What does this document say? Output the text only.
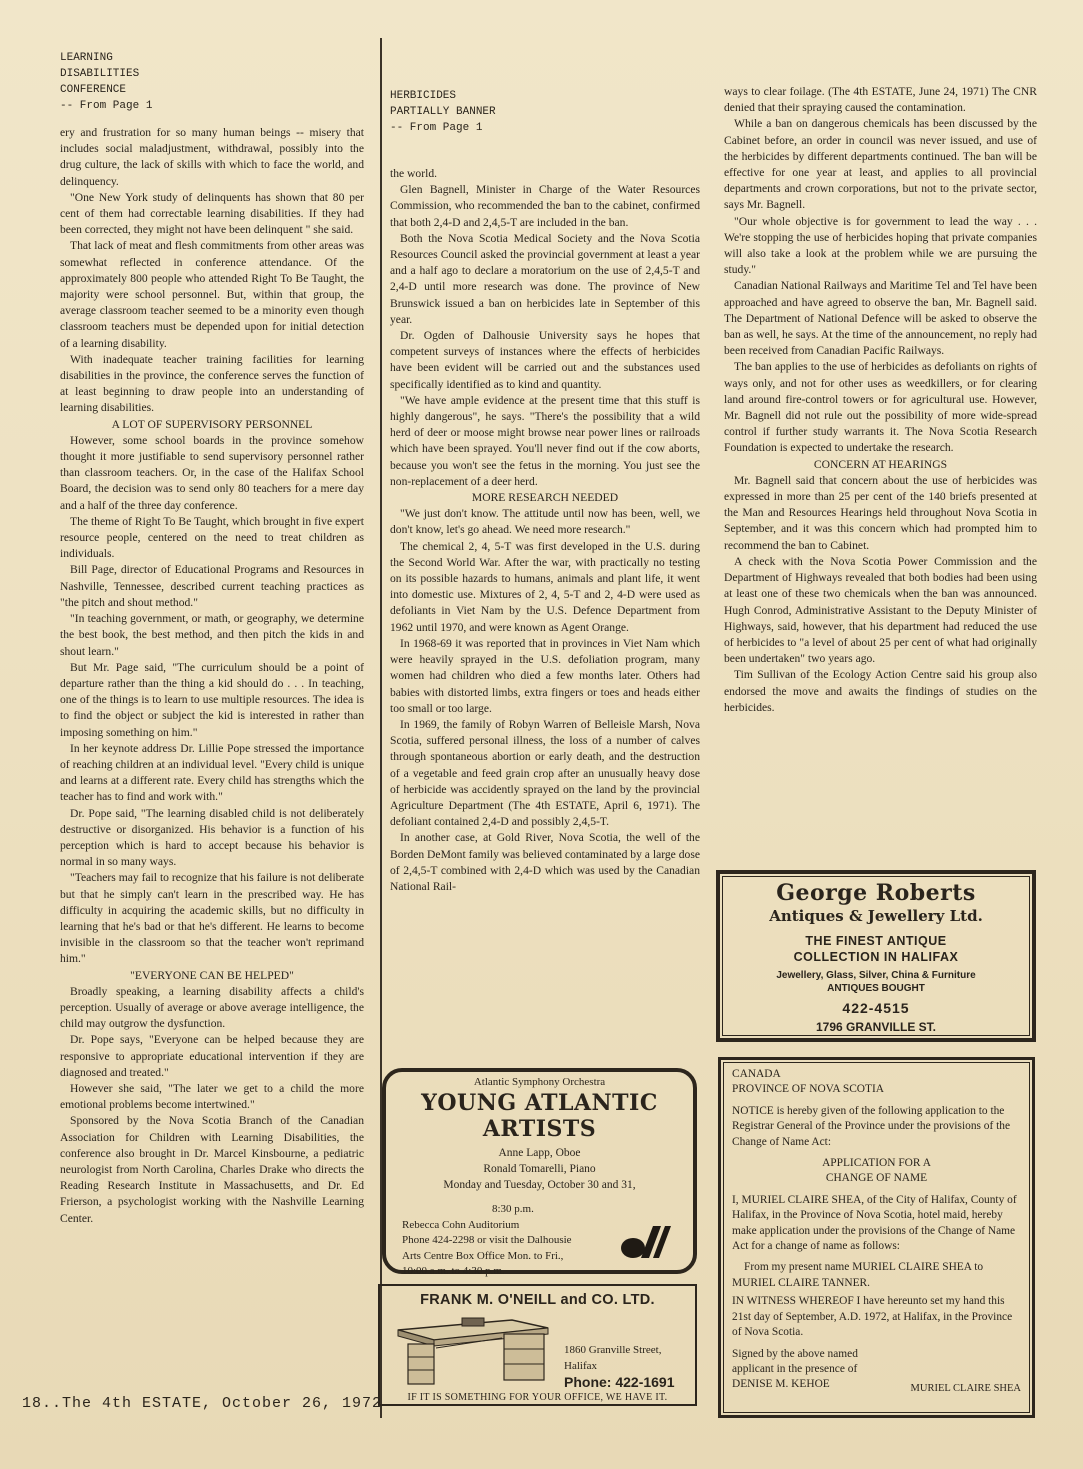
LEARNING
DISABILITIES
CONFERENCE
-- From Page 1

ery and frustration for so many human beings -- misery that includes social maladjustment, withdrawal, possibly into the drug culture, the lack of skills with which to face the world, and delinquency.

"One New York study of delinquents has shown that 80 per cent of them had correctable learning disabilities. If they had been corrected, they might not have been delinquent " she said.

That lack of meat and flesh commitments from other areas was somewhat reflected in conference attendance. Of the approximately 800 people who attended Right To Be Taught, the majority were school personnel. But, within that group, the average classroom teacher seemed to be a minority even though classroom teachers must be depended upon for initial detection of a learning disability.

With inadequate teacher training facilities for learning disabilities in the province, the conference serves the function of at least beginning to draw people into an understanding of learning disabilities.

A LOT OF SUPERVISORY PERSONNEL

However, some school boards in the province somehow thought it more justifiable to send supervisory personnel rather than classroom teachers. Or, in the case of the Halifax School Board, the decision was to send only 80 teachers for a mere day and a half of the three day conference.

The theme of Right To Be Taught, which brought in five expert resource people, centered on the need to treat children as individuals.

Bill Page, director of Educational Programs and Resources in Nashville, Tennessee, described current teaching practices as "the pitch and shout method."

"In teaching government, or math, or geography, we determine the best book, the best method, and then pitch the kids in and shout learn."

But Mr. Page said, "The curriculum should be a point of departure rather than the thing a kid should do . . . In teaching, one of the things is to learn to use multiple resources. The idea is to find the object or subject the kid is interested in rather than imposing something on him."

In her keynote address Dr. Lillie Pope stressed the importance of reaching children at an individual level. "Every child is unique and learns at a different rate. Every child has strengths which the teacher has to find and work with."

Dr. Pope said, "The learning disabled child is not deliberately destructive or disorganized. His behavior is a function of his perception which is hard to accept because his behavior is normal in so many ways.

"Teachers may fail to recognize that his failure is not deliberate but that he simply can't learn in the prescribed way. He has difficulty in acquiring the academic skills, but no difficulty in learning that he's bad or that he's different. He learns to become invisible in the classroom so that the teacher won't reprimand him."

"EVERYONE CAN BE HELPED"

Broadly speaking, a learning disability affects a child's perception. Usually of average or above average intelligence, the child may outgrow the dysfunction.

Dr. Pope says, "Everyone can be helped because they are responsive to appropriate educational intervention if they are diagnosed and treated."

However she said, "The later we get to a child the more emotional problems become intertwined."

Sponsored by the Nova Scotia Branch of the Canadian Association for Children with Learning Disabilities, the conference also brought in Dr. Marcel Kinsbourne, a pediatric neurologist from North Carolina, Charles Drake who directs the Reading Research Institute in Massachusetts, and Dr. Ed Frierson, a psychologist working with the Nashville Learning Center.

HERBICIDES
PARTIALLY BANNER
-- From Page 1

the world.

Glen Bagnell, Minister in Charge of the Water Resources Commission, who recommended the ban to the cabinet, confirmed that both 2,4-D and 2,4,5-T are included in the ban.

Both the Nova Scotia Medical Society and the Nova Scotia Resources Council asked the provincial government at least a year and a half ago to declare a moratorium on the use of 2,4,5-T and 2,4-D until more research was done. The province of New Brunswick issued a ban on herbicides late in September of this year.

Dr. Ogden of Dalhousie University says he hopes that competent surveys of instances where the effects of herbicides have been evident will be carried out and the substances used specifically identified as to kind and quantity.

"We have ample evidence at the present time that this stuff is highly dangerous", he says. "There's the possibility that a wild herd of deer or moose might browse near power lines or railroads which have been sprayed. You'll never find out if the cow aborts, because you won't see the fetus in the morning. You just see the non-replacement of a deer herd.

MORE RESEARCH NEEDED

"We just don't know. The attitude until now has been, well, we don't know, let's go ahead. We need more research."

The chemical 2, 4, 5-T was first developed in the U.S. during the Second World War. After the war, with practically no testing on its possible hazards to humans, animals and plant life, it went into domestic use. Mixtures of 2, 4, 5-T and 2, 4-D were used as defoliants in Viet Nam by the U.S. Defence Department from 1962 until 1970, and were known as Agent Orange.

In 1968-69 it was reported that in provinces in Viet Nam which were heavily sprayed in the U.S. defoliation program, many women had children who died a few months later. Others had babies with distorted limbs, extra fingers or toes and heads either too small or too large.

In 1969, the family of Robyn Warren of Belleisle Marsh, Nova Scotia, suffered personal illness, the loss of a number of calves through spontaneous abortion or early death, and the destruction of a vegetable and feed grain crop after an unusually heavy dose of herbicide was accidently sprayed on the land by the provincial Agriculture Department (The 4th ESTATE, April 6, 1971). The defoliant contained 2,4-D and possibly 2,4,5-T.

In another case, at Gold River, Nova Scotia, the well of the Borden DeMont family was believed contaminated by a large dose of 2,4,5-T combined with 2,4-D which was used by the Canadian National Rail-

ways to clear foilage. (The 4th ESTATE, June 24, 1971) The CNR denied that their spraying caused the contamination.

While a ban on dangerous chemicals has been discussed by the Cabinet before, an order in council was never issued, and use of the herbicides by different departments continued. The ban will be effective for one year at least, and applies to all provincial departments and crown corporations, but not to the private sector, says Mr. Bagnell.

"Our whole objective is for government to lead the way . . . We're stopping the use of herbicides hoping that private companies will also take a look at the problem while we are pursuing the study."

Canadian National Railways and Maritime Tel and Tel have been approached and have agreed to observe the ban, Mr. Bagnell said. The Department of National Defence will be asked to observe the ban as well, he says. At the time of the announcement, no reply had been received from Canadian Pacific Railways.

The ban applies to the use of herbicides as defoliants on rights of ways only, and not for other uses as weedkillers, or for clearing land around fire-control towers or for agricultural use. However, Mr. Bagnell did not rule out the possibility of more wide-spread control if further study warrants it. The Nova Scotia Research Foundation is expected to undertake the research.

CONCERN AT HEARINGS

Mr. Bagnell said that concern about the use of herbicides was expressed in more than 25 per cent of the 140 briefs presented at the Man and Resources Hearings held throughout Nova Scotia in September, and it was this concern which had prompted him to recommend the ban to Cabinet.

A check with the Nova Scotia Power Commission and the Department of Highways revealed that both bodies had been using at least one of these two chemicals when the ban was announced. Hugh Conrod, Administrative Assistant to the Deputy Minister of Highways, said, however, that his department had reduced the use of herbicides to "a level of about 25 per cent of what had originally been undertaken" two years ago.

Tim Sullivan of the Ecology Action Centre said his group also endorsed the move and awaits the findings of studies on the herbicides.

George Roberts
Antiques & Jewellery Ltd.
THE FINEST ANTIQUE
COLLECTION IN HALIFAX
Jewellery, Glass, Silver, China & Furniture
ANTIQUES BOUGHT
422-4515
1796 GRANVILLE ST.

CANADA

PROVINCE OF NOVA SCOTIA

NOTICE is hereby given of the following application to the Registrar General of the Province under the provisions of the Change of Name Act:

APPLICATION FOR A

CHANGE OF NAME

I, MURIEL CLAIRE SHEA, of the City of Halifax, County of Halifax, in the Province of Nova Scotia, hotel maid, hereby make application under the provisions of the Change of Name Act for a change of name as follows:

From my present name MURIEL CLAIRE SHEA to MURIEL CLAIRE TANNER.

IN WITNESS WHEREOF I have hereunto set my hand this 21st day of September, A.D. 1972, at Halifax, in the Province of Nova Scotia.

Signed by the above named

applicant in the presence of

DENISE M. KEHOE	MURIEL CLAIRE SHEA
Atlantic Symphony Orchestra
YOUNG ATLANTIC
ARTISTS
Anne Lapp, Oboe
Ronald Tomarelli, Piano
Monday and Tuesday, October 30 and 31,
8:30 p.m.
Rebecca Cohn Auditorium
Phone 424-2298 or visit the Dalhousie
Arts Centre Box Office Mon. to Fri.,
10:00 a.m. to 4:30 p.m.
FRANK M. O'NEILL and CO. LTD.
1860 Granville Street,
Halifax
Phone: 422-1691
IF IT IS SOMETHING FOR YOUR OFFICE, WE HAVE IT.
18..The 4th ESTATE, October 26, 1972
